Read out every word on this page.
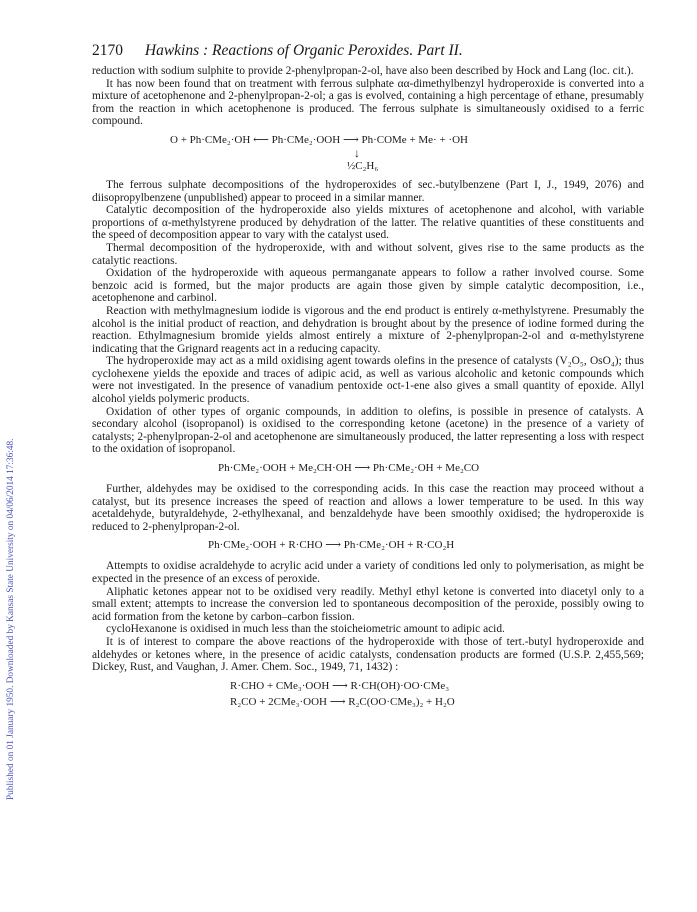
Published on 01 January 1950. Downloaded by Kansas State University on 04/06/2014 17:36:48.
2170 Hawkins : Reactions of Organic Peroxides. Part II.

reduction with sodium sulphite to provide 2-phenylpropan-2-ol, have also been described by Hock and Lang (loc. cit.).

It has now been found that on treatment with ferrous sulphate αα-dimethylbenzyl hydroperoxide is converted into a mixture of acetophenone and 2-phenylpropan-2-ol; a gas is evolved, containing a high percentage of ethane, presumably from the reaction in which acetophenone is produced. The ferrous sulphate is simultaneously oxidised to a ferric compound.

O + Ph·CMe₂·OH ⟵ Ph·CMe₂·OOH ⟶ Ph·COMe + Me· + ·OH
↓
½C₂H₆

The ferrous sulphate decompositions of the hydroperoxides of sec.-butylbenzene (Part I, J., 1949, 2076) and diisopropylbenzene (unpublished) appear to proceed in a similar manner.

Catalytic decomposition of the hydroperoxide also yields mixtures of acetophenone and alcohol, with variable proportions of α-methylstyrene produced by dehydration of the latter. The relative quantities of these constituents and the speed of decomposition appear to vary with the catalyst used.

Thermal decomposition of the hydroperoxide, with and without solvent, gives rise to the same products as the catalytic reactions.

Oxidation of the hydroperoxide with aqueous permanganate appears to follow a rather involved course. Some benzoic acid is formed, but the major products are again those given by simple catalytic decomposition, i.e., acetophenone and carbinol.

Reaction with methylmagnesium iodide is vigorous and the end product is entirely α-methylstyrene. Presumably the alcohol is the initial product of reaction, and dehydration is brought about by the presence of iodine formed during the reaction. Ethylmagnesium bromide yields almost entirely a mixture of 2-phenylpropan-2-ol and α-methylstyrene indicating that the Grignard reagents act in a reducing capacity.

The hydroperoxide may act as a mild oxidising agent towards olefins in the presence of catalysts (V₂O₅, OsO₄); thus cyclohexene yields the epoxide and traces of adipic acid, as well as various alcoholic and ketonic compounds which were not investigated. In the presence of vanadium pentoxide oct-1-ene also gives a small quantity of epoxide. Allyl alcohol yields polymeric products.

Oxidation of other types of organic compounds, in addition to olefins, is possible in presence of catalysts. A secondary alcohol (isopropanol) is oxidised to the corresponding ketone (acetone) in the presence of a variety of catalysts; 2-phenylpropan-2-ol and acetophenone are simultaneously produced, the latter representing a loss with respect to the oxidation of isopropanol.

Ph·CMe₂·OOH + Me₂CH·OH ⟶ Ph·CMe₂·OH + Me₂CO

Further, aldehydes may be oxidised to the corresponding acids. In this case the reaction may proceed without a catalyst, but its presence increases the speed of reaction and allows a lower temperature to be used. In this way acetaldehyde, butyraldehyde, 2-ethylhexanal, and benzaldehyde have been smoothly oxidised; the hydroperoxide is reduced to 2-phenylpropan-2-ol.

Ph·CMe₂·OOH + R·CHO ⟶ Ph·CMe₂·OH + R·CO₂H

Attempts to oxidise acraldehyde to acrylic acid under a variety of conditions led only to polymerisation, as might be expected in the presence of an excess of peroxide.

Aliphatic ketones appear not to be oxidised very readily. Methyl ethyl ketone is converted into diacetyl only to a small extent; attempts to increase the conversion led to spontaneous decomposition of the peroxide, possibly owing to acid formation from the ketone by carbon–carbon fission.

cycloHexanone is oxidised in much less than the stoicheiometric amount to adipic acid.

It is of interest to compare the above reactions of the hydroperoxide with those of tert.-butyl hydroperoxide and aldehydes or ketones where, in the presence of acidic catalysts, condensation products are formed (U.S.P. 2,455,569; Dickey, Rust, and Vaughan, J. Amer. Chem. Soc., 1949, 71, 1432) :

R·CHO + CMe₃·OOH ⟶ R·CH(OH)·OO·CMe₃
R₂CO + 2CMe₃·OOH ⟶ R₂C(OO·CMe₃)₂ + H₂O
